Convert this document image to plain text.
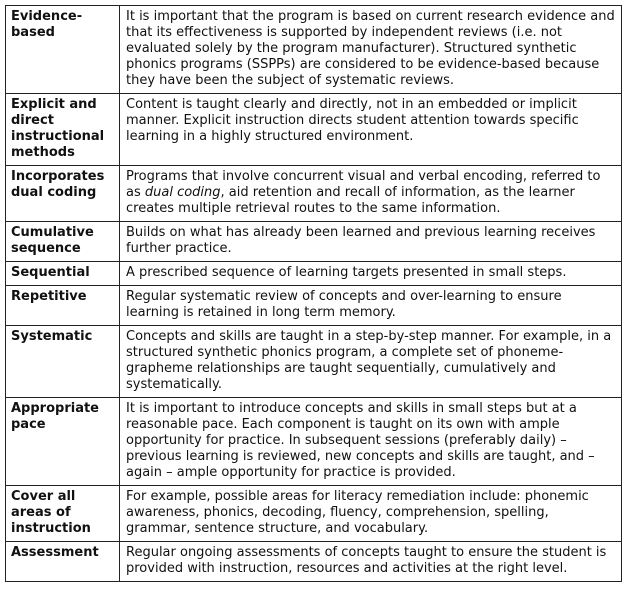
Evidence-based	It is important that the program is based on current research evidence and that its effectiveness is supported by independent reviews (i.e. not evaluated solely by the program manufacturer). Structured synthetic phonics programs (SSPPs) are considered to be evidence-based because they have been the subject of systematic reviews.
Explicit and direct instructional methods	Content is taught clearly and directly, not in an embedded or implicit manner. Explicit instruction directs student attention towards specific learning in a highly structured environment.
Incorporates dual coding	Programs that involve concurrent visual and verbal encoding, referred to as dual coding, aid retention and recall of information, as the learner creates multiple retrieval routes to the same information.
Cumulative sequence	Builds on what has already been learned and previous learning receives further practice.
Sequential	A prescribed sequence of learning targets presented in small steps.
Repetitive	Regular systematic review of concepts and over-learning to ensure learning is retained in long term memory.
Systematic	Concepts and skills are taught in a step-by-step manner. For example, in a structured synthetic phonics program, a complete set of phoneme-grapheme relationships are taught sequentially, cumulatively and systematically.
Appropriate pace	It is important to introduce concepts and skills in small steps but at a reasonable pace. Each component is taught on its own with ample opportunity for practice. In subsequent sessions (preferably daily) – previous learning is reviewed, new concepts and skills are taught, and – again – ample opportunity for practice is provided.
Cover all areas of instruction	For example, possible areas for literacy remediation include: phonemic awareness, phonics, decoding, fluency, comprehension, spelling, grammar, sentence structure, and vocabulary.
Assessment	Regular ongoing assessments of concepts taught to ensure the student is provided with instruction, resources and activities at the right level.
